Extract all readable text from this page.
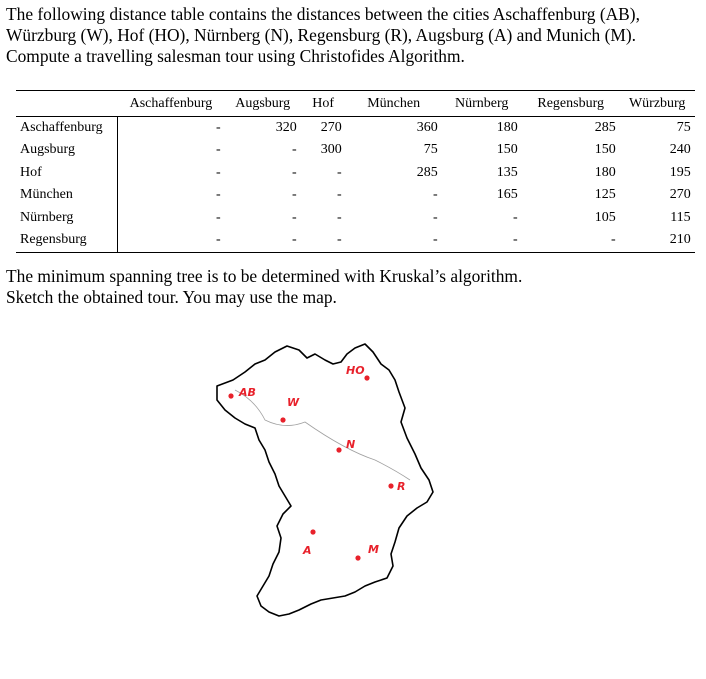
The following distance table contains the distances between the cities Aschaffenburg (AB), Würzburg (W), Hof (HO), Nürnberg (N), Regensburg (R), Augsburg (A) and Munich (M). Compute a travelling salesman tour using Christofides Algorithm.
	Aschaffenburg	Augsburg	Hof	München	Nürnberg	Regensburg	Würzburg
Aschaffenburg	-	320	270	360	180	285	75
Augsburg	-	-	300	75	150	150	240
Hof	-	-	-	285	135	180	195
München	-	-	-	-	165	125	270
Nürnberg	-	-	-	-	-	105	115
Regensburg	-	-	-	-	-	-	210
The minimum spanning tree is to be determined with Kruskal’s algorithm.
Sketch the obtained tour. You may use the map.
AB
W
HO
N
R
A	M
